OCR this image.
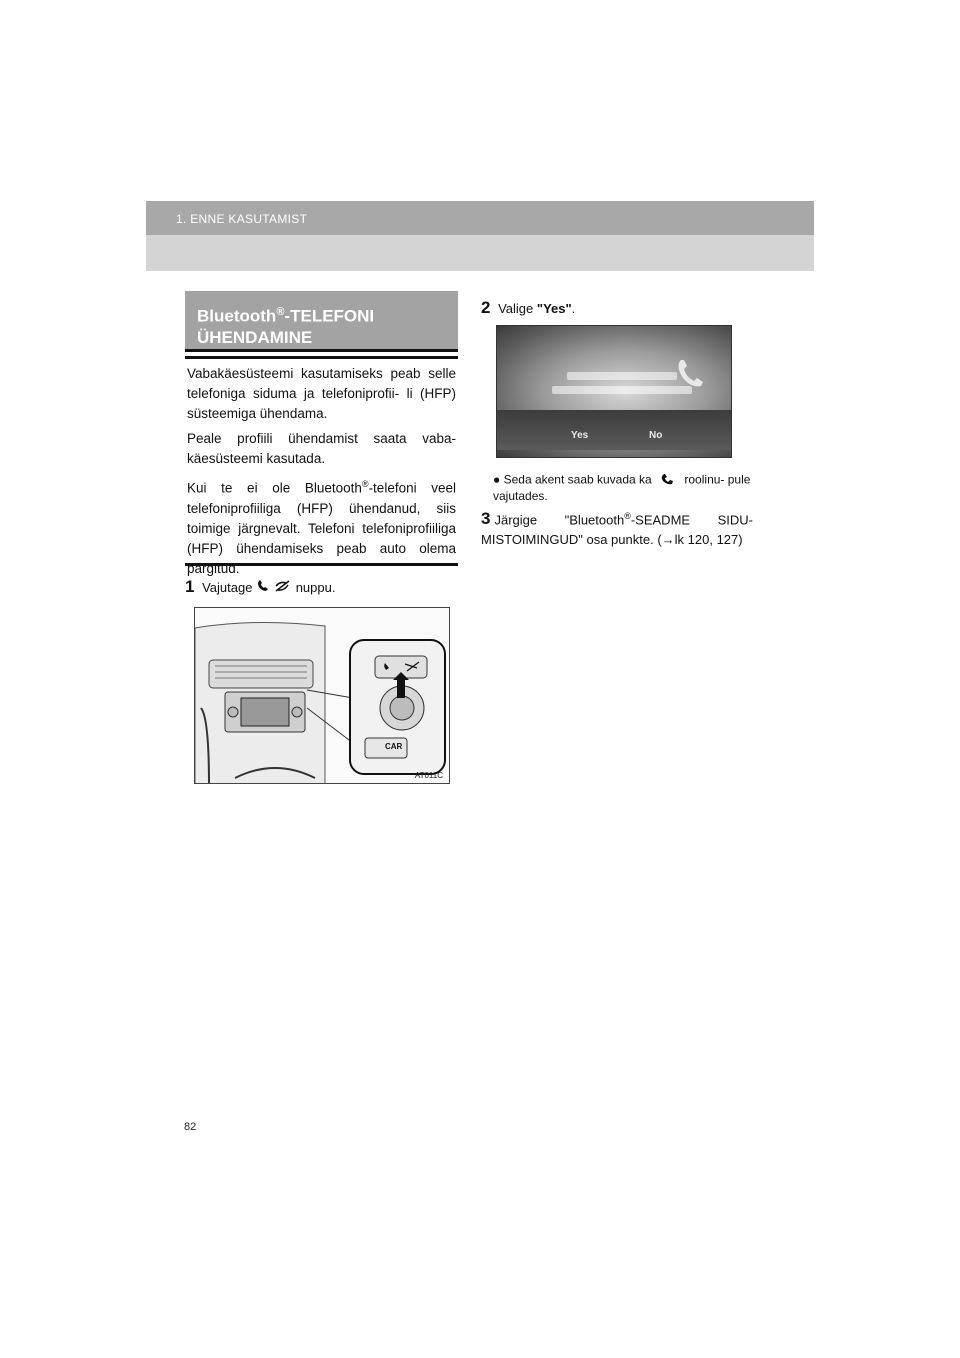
1. ENNE KASUTAMIST
Bluetooth®-TELEFONI
ÜHENDAMINE

Vabakäesüsteemi kasutamiseks peab selle telefoniga siduma ja telefoniprofii- li (HFP) süsteemiga ühendama.

Peale profiili ühendamist saata vaba- käesüsteemi kasutada.

Kui te ei ole Bluetooth®-telefoni veel telefoniprofiiliga (HFP) ühendanud, siis toimige järgnevalt. Telefoni telefoniprofiiliga (HFP) ühendamiseks peab auto olema pargitud.

1 Vajutage	nuppu.
CAR
AT011C
2 Valige "Yes".
Yes	No
● Seda akent saab kuvada ka	roolinu- pule vajutades.
3 Järgige "Bluetooth®-SEADME SIDU- MISTOIMINGUD" osa punkte. (→lk 120, 127)
82
